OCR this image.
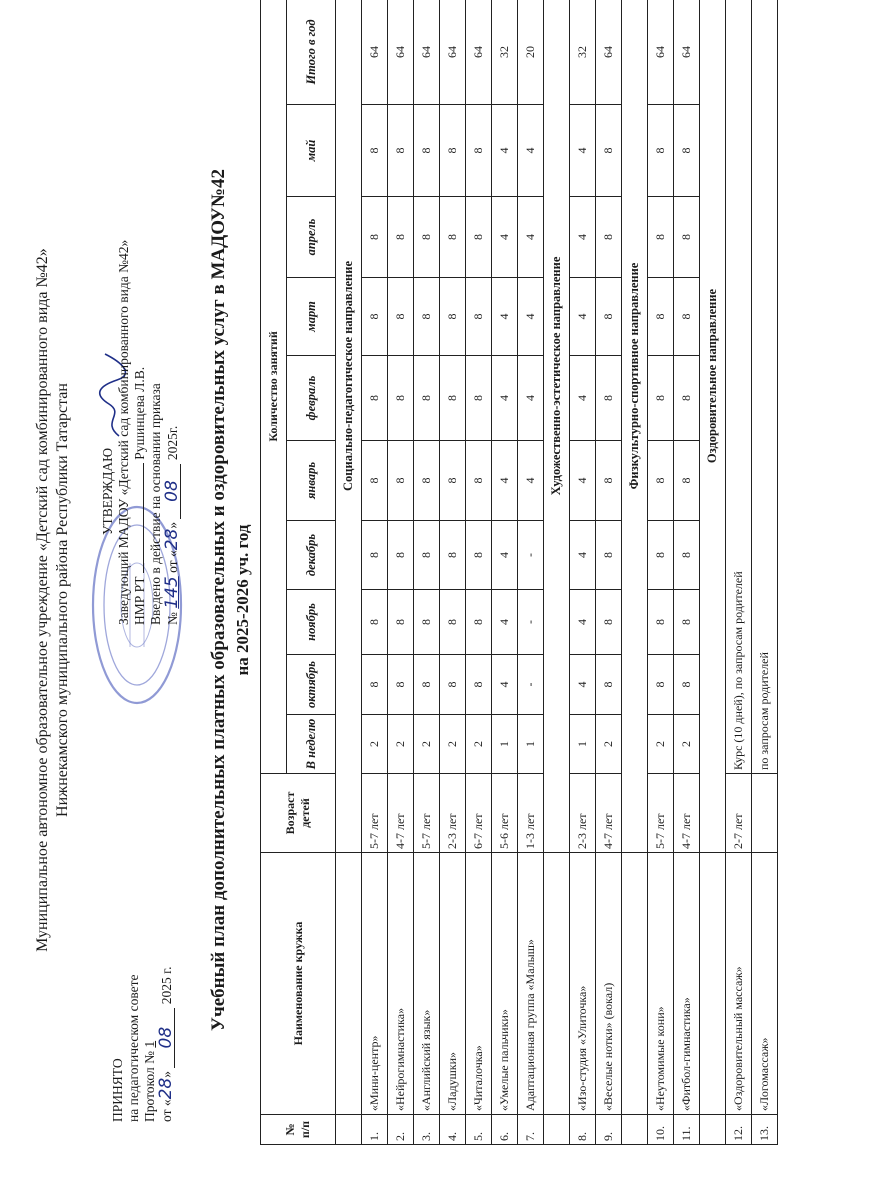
Муниципальное автономное образовательное учреждение «Детский сад комбинированного вида №42» Нижнекамского муниципального района Республики Татарстан
ПРИНЯТО на педагогическом совете Протокол № 1
от «28» 08 2025 г.
УТВЕРЖДАЮ Заведующий МАДОУ «Детский сад комбинированного вида №42» НМР РТ  Рушинцева Л.В. Введено в действие на основании приказа № 145 от «28» 08 2025г. Учебный план дополнительных платных образовательных и оздоровительных услуг в МАДОУ№42 на 2025-2026 уч. год
№ п/п	Наименование кружка	Возраст детей	Количество занятий										
			В неделю	октябрь	ноябрь	декабрь	январь	февраль	март	апрель	май	Итого в год	
		Социально-педагогическое направление											
1.	«Мини-центр»	5-7 лет	2	8	8	8	8	8	8	8	8	64	
2.	«Нейрогимнастика»	4-7 лет	2	8	8	8	8	8	8	8	8	64	
3.	«Английский язык»	5-7 лет	2	8	8	8	8	8	8	8	8	64	
4.	«Ладушки»	2-3 лет	2	8	8	8	8	8	8	8	8	64	
5.	«Читалочка»	6-7 лет	2	8	8	8	8	8	8	8	8	64	
6.	«Умелые пальчики»	5-6 лет	1	4	4	4	4	4	4	4	4	32	
7.	Адаптационная группа «Малыш»	1-3 лет	1	-	-	-	4	4	4	4	4	20	
		Художественно-эстетическое направление											
8.	«Изо-студия «Улиточка»	2-3 лет	1	4	4	4	4	4	4	4	4	32	
9.	«Веселые нотки» (вокал)	4-7 лет	2	8	8	8	8	8	8	8	8	64	
		Физкультурно-спортивное направление											
10.	«Неутомимые кони»	5-7 лет	2	8	8	8	8	8	8	8	8	64	
11.	«Фитбол-гимнастика»	4-7 лет	2	8	8	8	8	8	8	8	8	64	
		Оздоровительное направление											
12.	«Оздоровительный массаж»	2-7 лет	Курс (10 дней), по запросам родителей										
13.	«Логомассаж»		по запросам родителей										
